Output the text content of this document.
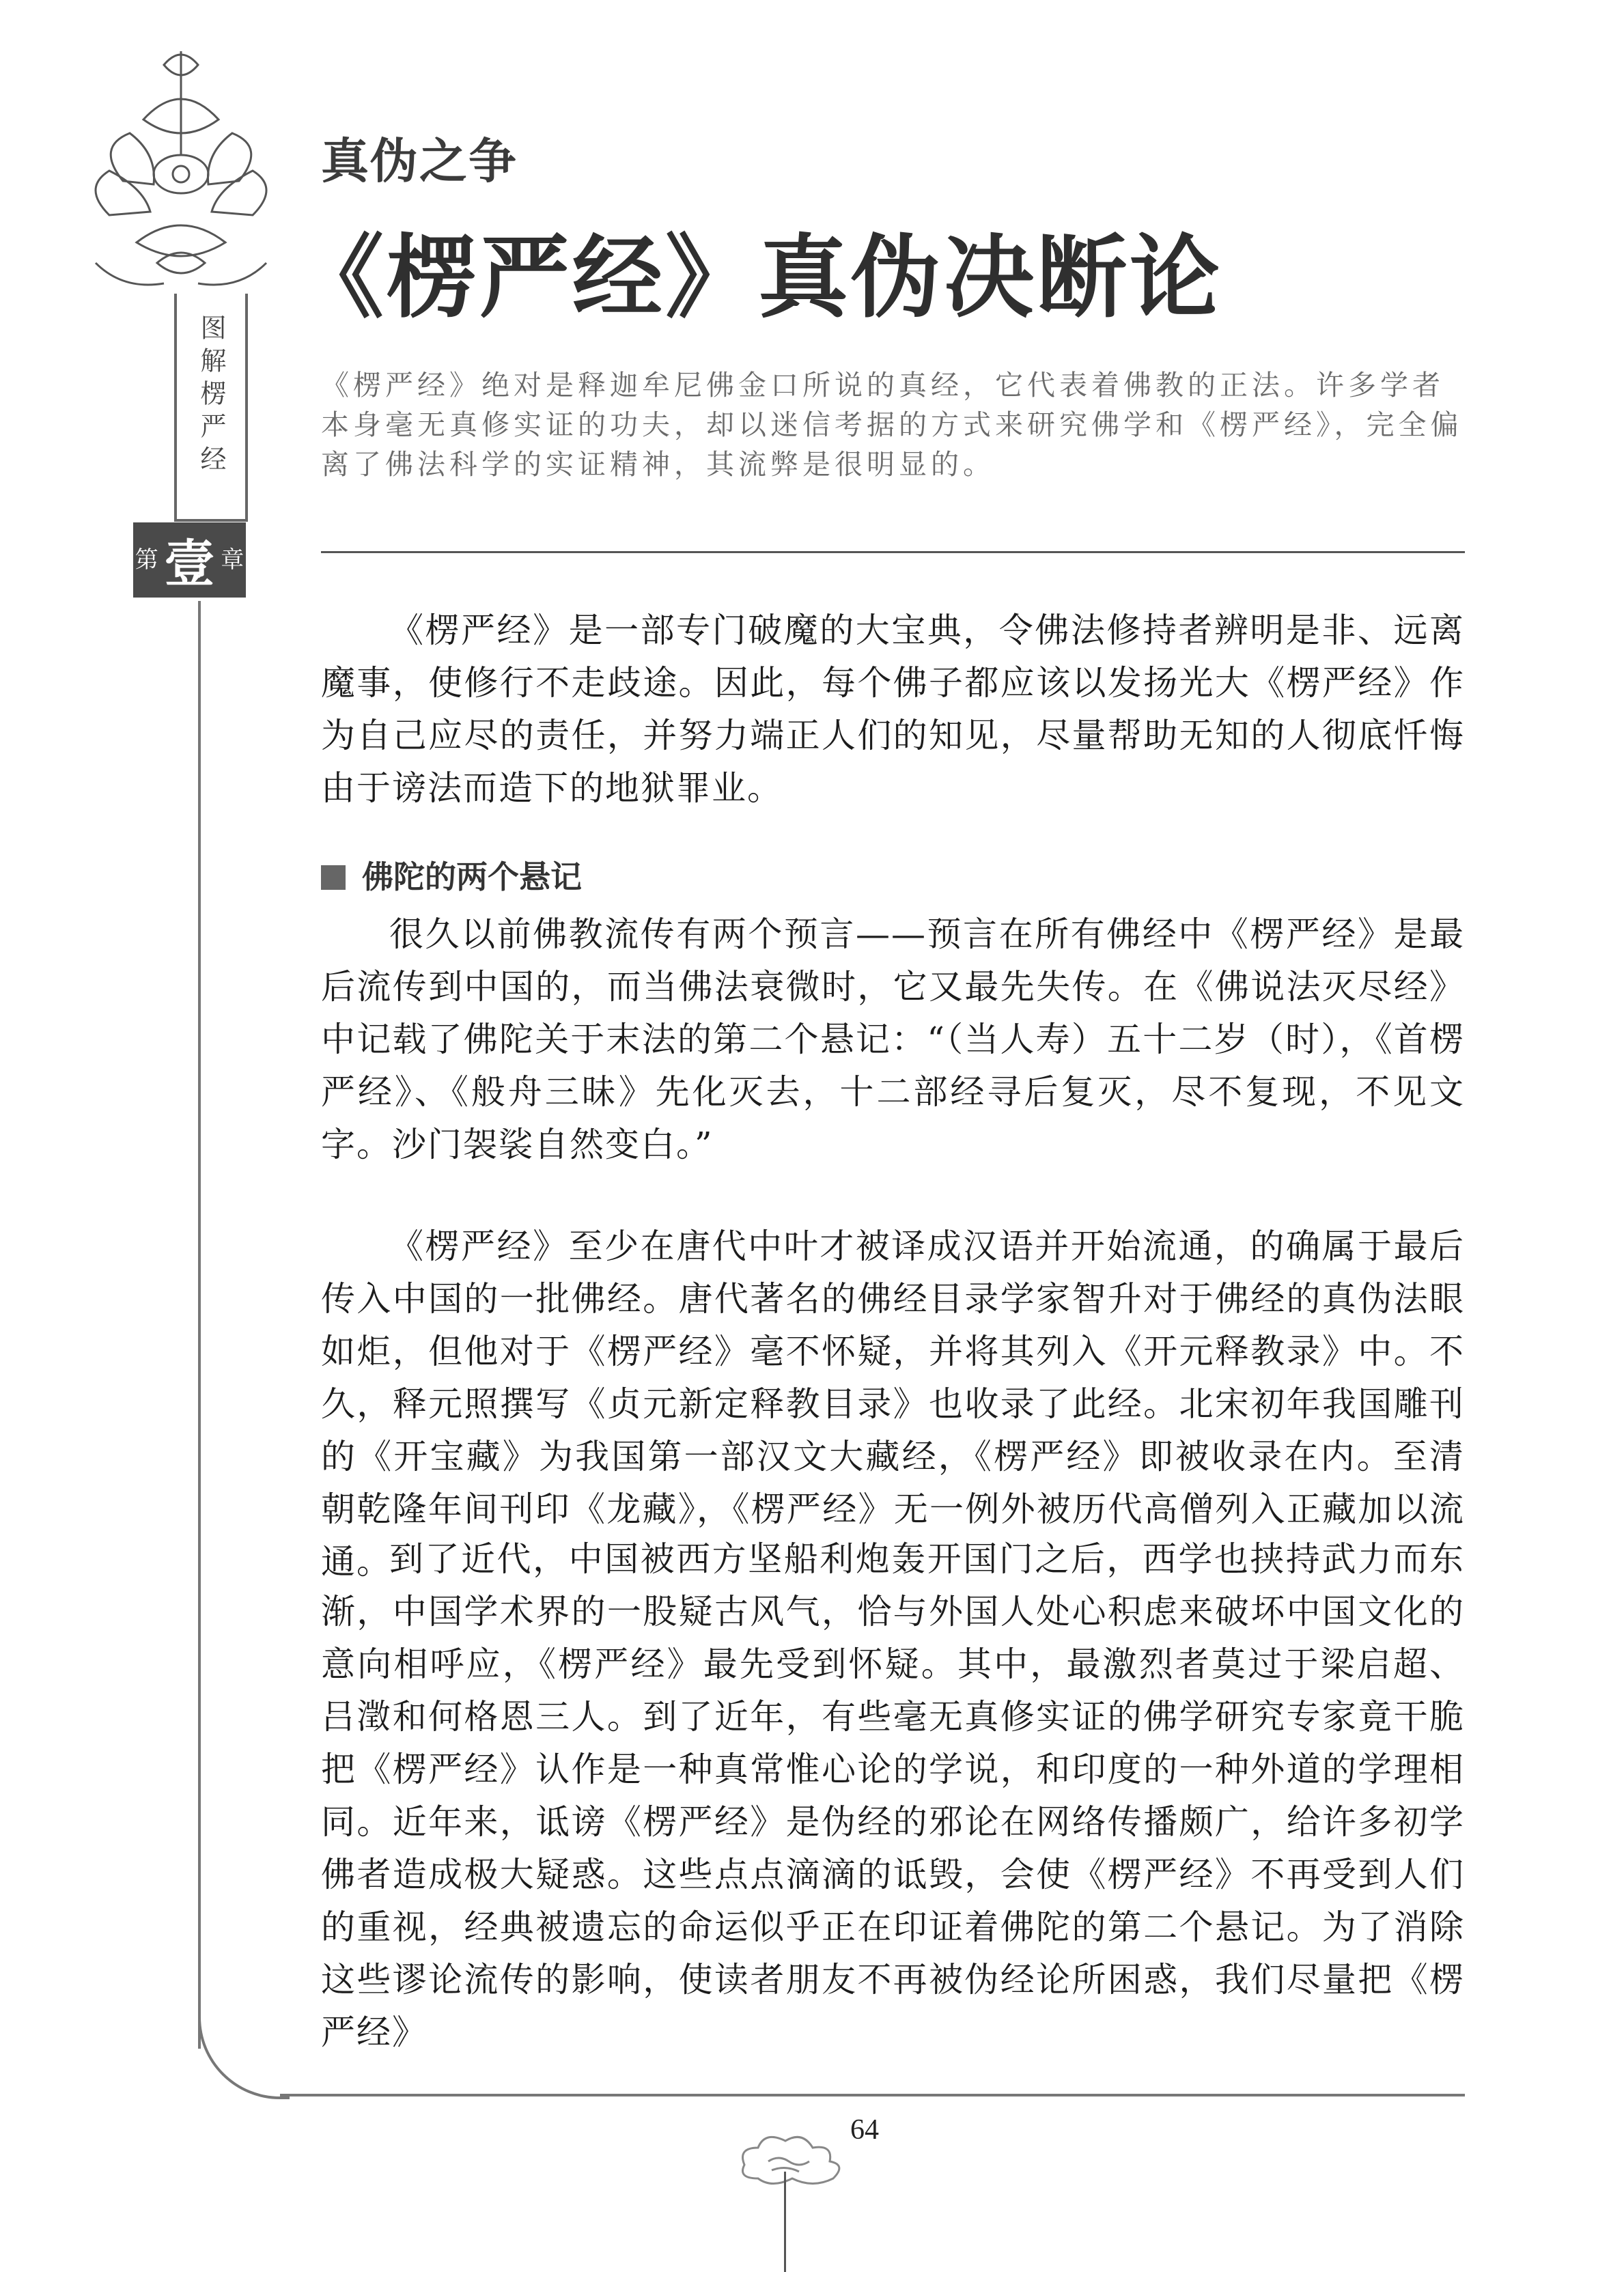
图解楞严经
第 壹 章
真伪之争
《楞严经》真伪决断论
《楞严经》绝对是释迦牟尼佛金口所说的真经，它代表着佛教的正法。许多学者本身毫无真修实证的功夫，却以迷信考据的方式来研究佛学和《楞严经》，完全偏离了佛法科学的实证精神，其流弊是很明显的。
《楞严经》是一部专门破魔的大宝典，令佛法修持者辨明是非、远离魔事，使修行不走歧途。因此，每个佛子都应该以发扬光大《楞严经》作为自己应尽的责任，并努力端正人们的知见，尽量帮助无知的人彻底忏悔由于谤法而造下的地狱罪业。
佛陀的两个悬记
很久以前佛教流传有两个预言——预言在所有佛经中《楞严经》是最后流传到中国的，而当佛法衰微时，它又最先失传。在《佛说法灭尽经》中记载了佛陀关于末法的第二个悬记：“（当人寿）五十二岁（时），《首楞严经》、《般舟三昧》先化灭去，十二部经寻后复灭，尽不复现，不见文字。沙门袈裟自然变白。”
《楞严经》至少在唐代中叶才被译成汉语并开始流通，的确属于最后传入中国的一批佛经。唐代著名的佛经目录学家智升对于佛经的真伪法眼如炬，但他对于《楞严经》毫不怀疑，并将其列入《开元释教录》中。不久，释元照撰写《贞元新定释教目录》也收录了此经。北宋初年我国雕刊的《开宝藏》为我国第一部汉文大藏经，《楞严经》即被收录在内。至清朝乾隆年间刊印《龙藏》，《楞严经》无一例外被历代高僧列入正藏加以流通。
到了近代，中国被西方坚船利炮轰开国门之后，西学也挟持武力而东渐，中国学术界的一股疑古风气，恰与外国人处心积虑来破坏中国文化的意向相呼应，《楞严经》最先受到怀疑。其中，最激烈者莫过于梁启超、吕澂和何格恩三人。到了近年，有些毫无真修实证的佛学研究专家竟干脆把《楞严经》认作是一种真常惟心论的学说，和印度的一种外道的学理相同。近年来，诋谤《楞严经》是伪经的邪论在网络传播颇广，给许多初学佛者造成极大疑惑。这些点点滴滴的诋毁，会使《楞严经》不再受到人们的重视，经典被遗忘的命运似乎正在印证着佛陀的第二个悬记。为了消除这些谬论流传的影响，使读者朋友不再被伪经论所困惑，我们尽量把《楞严经》
64
